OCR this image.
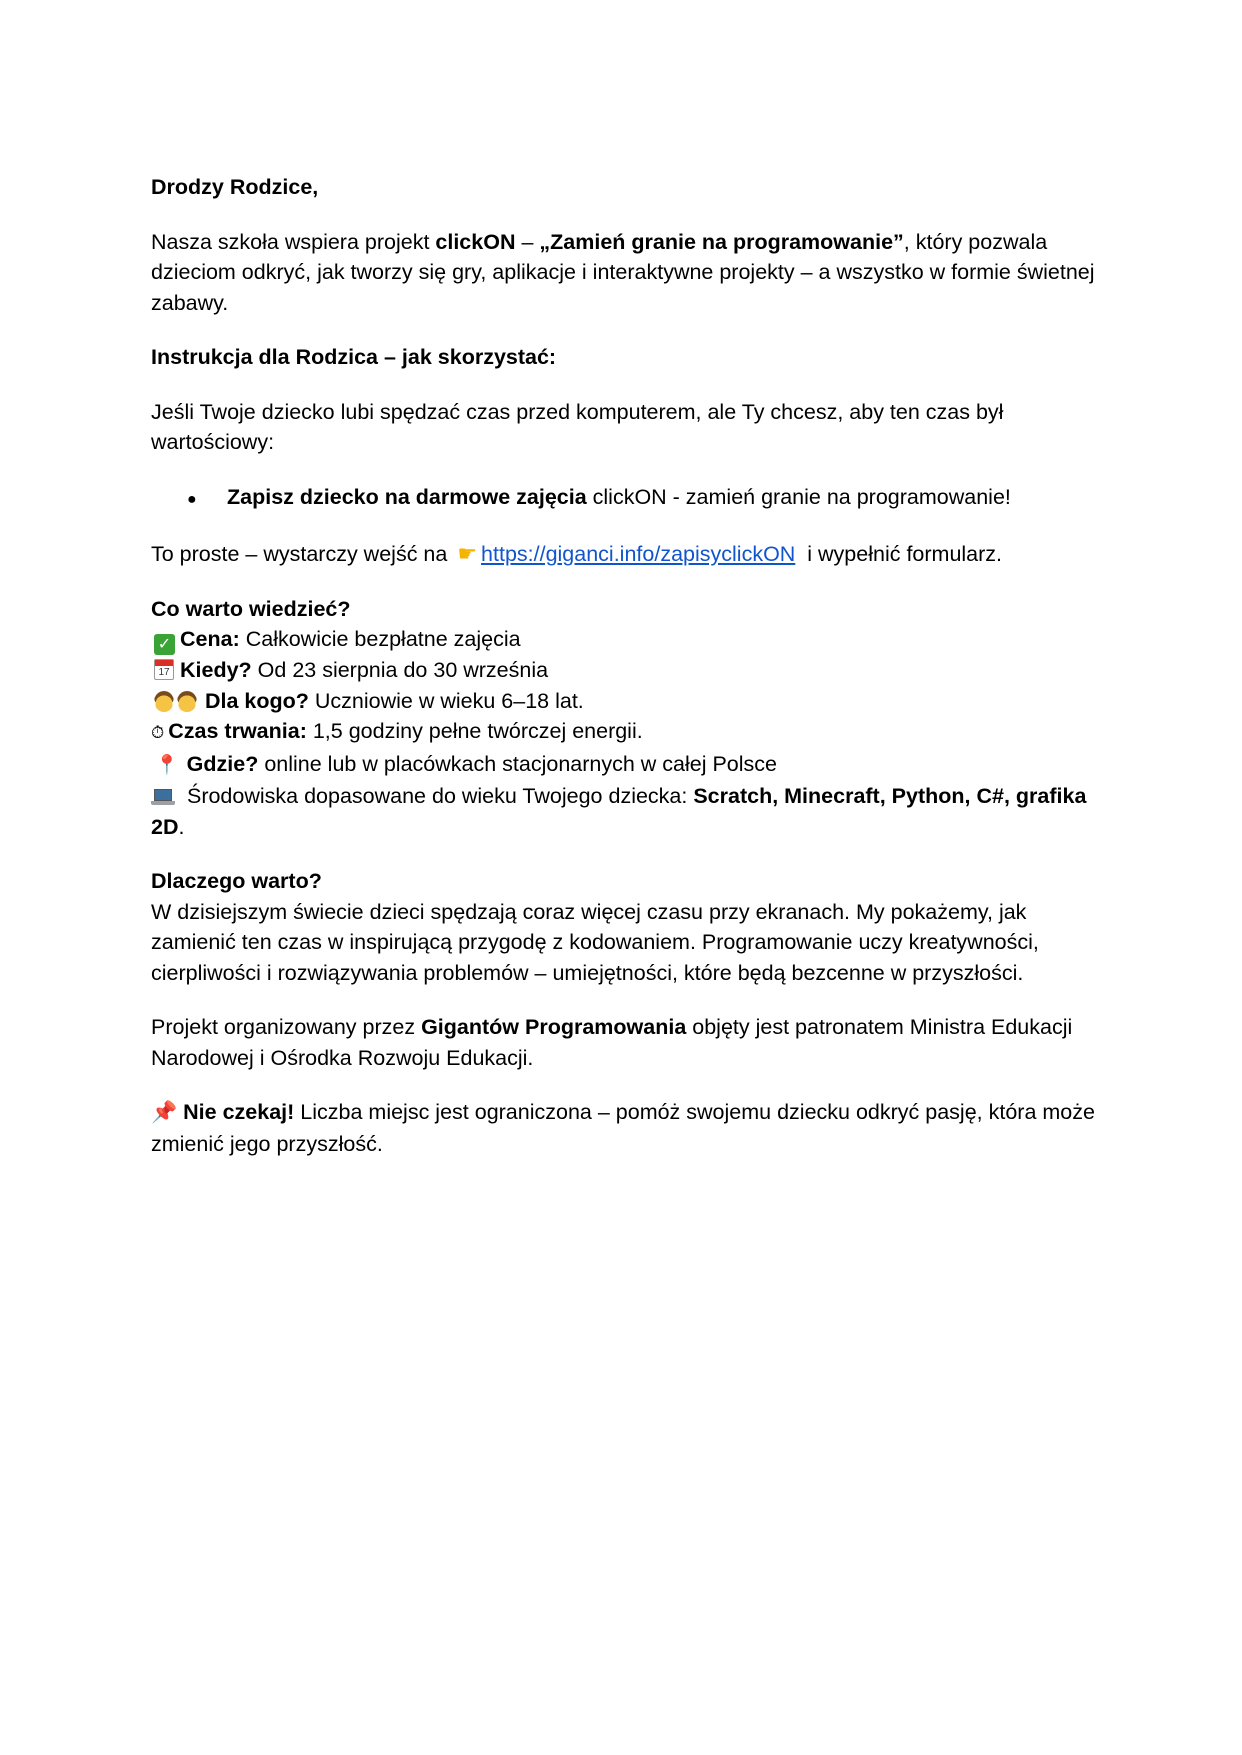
Drodzy Rodzice,

Nasza szkoła wspiera projekt clickON – „Zamień granie na programowanie”, który pozwala dzieciom odkryć, jak tworzy się gry, aplikacje i interaktywne projekty – a wszystko w formie świetnej zabawy.

Instrukcja dla Rodzica – jak skorzystać:

Jeśli Twoje dziecko lubi spędzać czas przed komputerem, ale Ty chcesz, aby ten czas był wartościowy:

●	Zapisz dziecko na darmowe zajęcia clickON - zamień granie na programowanie!

To proste – wystarczy wejść na ☛ https://giganci.info/zapisyclickON  i wypełnić formularz.

Co warto wiedzieć?

✓ Cena: Całkowicie bezpłatne zajęcia

17 Kiedy? Od 23 sierpnia do 30 września

Dla kogo? Uczniowie w wieku 6–18 lat.

⏱ Czas trwania: 1,5 godziny pełne twórczej energii.

📍 Gdzie? online lub w placówkach stacjonarnych w całej Polsce

Środowiska dopasowane do wieku Twojego dziecka: Scratch, Minecraft, Python, C#, grafika 2D.

Dlaczego warto?

W dzisiejszym świecie dzieci spędzają coraz więcej czasu przy ekranach. My pokażemy, jak zamienić ten czas w inspirującą przygodę z kodowaniem. Programowanie uczy kreatywności, cierpliwości i rozwiązywania problemów – umiejętności, które będą bezcenne w przyszłości.

Projekt organizowany przez Gigantów Programowania objęty jest patronatem Ministra Edukacji Narodowej i Ośrodka Rozwoju Edukacji.

📌 Nie czekaj! Liczba miejsc jest ograniczona – pomóż swojemu dziecku odkryć pasję, która może zmienić jego przyszłość.
